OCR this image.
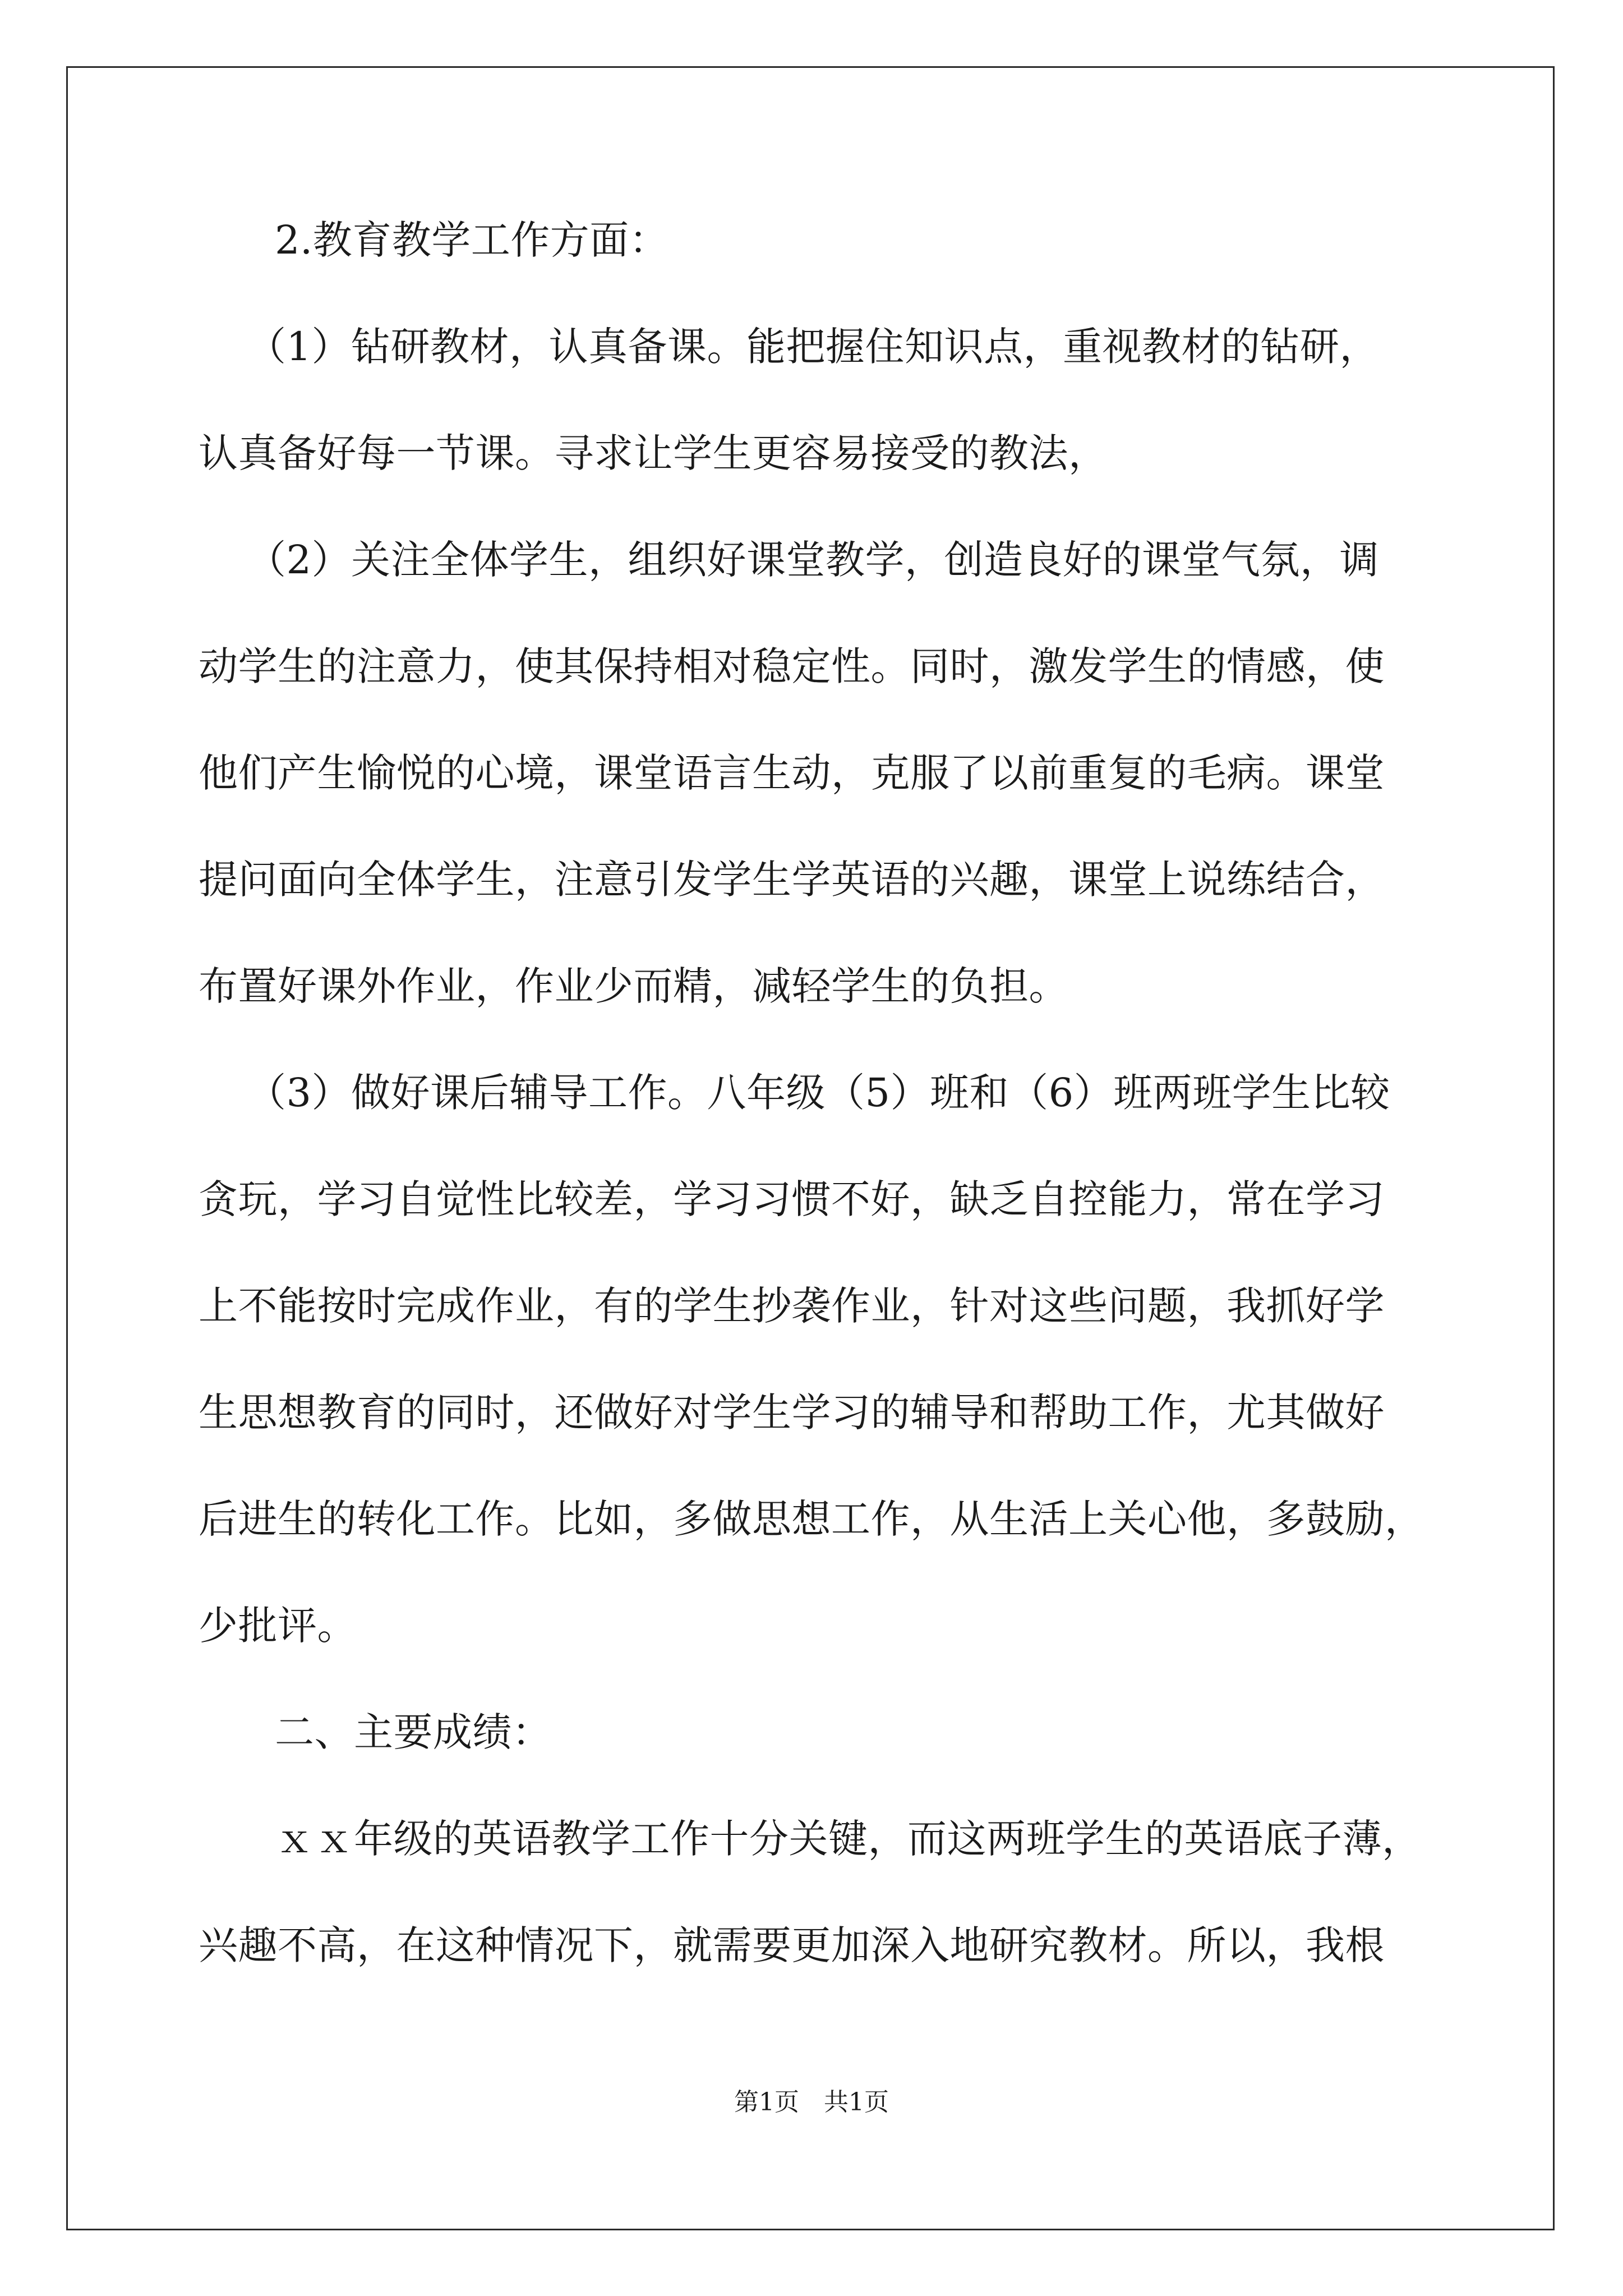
2.教育教学工作方面：
（1）钻研教材，认真备课。能把握住知识点，重视教材的钻研，
认真备好每一节课。寻求让学生更容易接受的教法，
（2）关注全体学生，组织好课堂教学，创造良好的课堂气氛，调
动学生的注意力，使其保持相对稳定性。同时，激发学生的情感，使
他们产生愉悦的心境，课堂语言生动，克服了以前重复的毛病。课堂
提问面向全体学生，注意引发学生学英语的兴趣，课堂上说练结合，
布置好课外作业，作业少而精，减轻学生的负担。
（3）做好课后辅导工作。八年级（5）班和（6）班两班学生比较
贪玩，学习自觉性比较差，学习习惯不好，缺乏自控能力，常在学习
上不能按时完成作业，有的学生抄袭作业，针对这些问题，我抓好学
生思想教育的同时，还做好对学生学习的辅导和帮助工作，尤其做好
后进生的转化工作。比如，多做思想工作，从生活上关心他，多鼓励，
少批评。
二、主要成绩：
ｘｘ年级的英语教学工作十分关键，而这两班学生的英语底子薄，
兴趣不高，在这种情况下，就需要更加深入地研究教材。所以，我根
第1页　共1页
